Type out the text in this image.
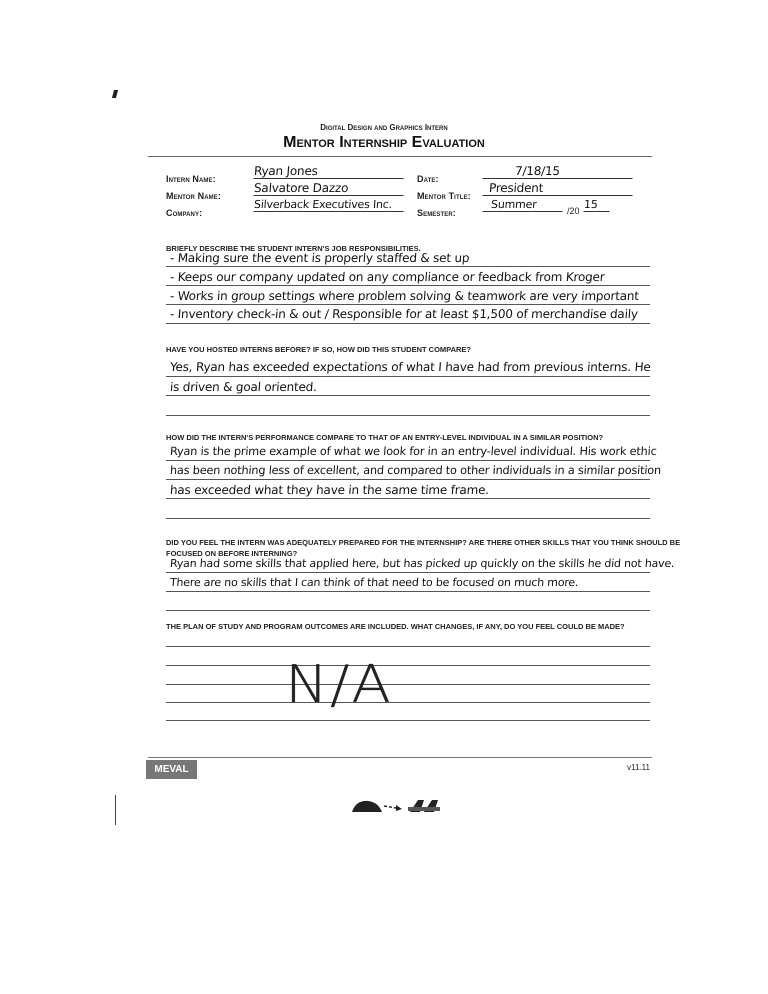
Digital Design and Graphics Intern
Mentor Internship Evaluation
Intern Name:
Ryan Jones
Date:
7/18/15
Mentor Name:
Salvatore Dazzo
Mentor Title:
President
Company:
Silverback Executives Inc.
Semester:
Summer	/20 15
BRIEFLY DESCRIBE THE STUDENT INTERN'S JOB RESPONSIBILITIES.
- Making sure the event is properly staffed & set up
- Keeps our company updated on any compliance or feedback from Kroger
- Works in group settings where problem solving & teamwork are very important
- Inventory check-in & out / Responsible for at least $1,500 of merchandise daily
HAVE YOU HOSTED INTERNS BEFORE? IF SO, HOW DID THIS STUDENT COMPARE?
Yes, Ryan has exceeded expectations of what I have had from previous interns. He
is driven & goal oriented.
HOW DID THE INTERN'S PERFORMANCE COMPARE TO THAT OF AN ENTRY-LEVEL INDIVIDUAL IN A SIMILAR POSITION?
Ryan is the prime example of what we look for in an entry-level individual. His work ethic
has been nothing less of excellent, and compared to other individuals in a similar position
has exceeded what they have in the same time frame.
DID YOU FEEL THE INTERN WAS ADEQUATELY PREPARED FOR THE INTERNSHIP? ARE THERE OTHER SKILLS THAT YOU THINK SHOULD BE
FOCUSED ON BEFORE INTERNING?
Ryan had some skills that applied here, but has picked up quickly on the skills he did not have.
There are no skills that I can think of that need to be focused on much more.
THE PLAN OF STUDY AND PROGRAM OUTCOMES ARE INCLUDED. WHAT CHANGES, IF ANY, DO YOU FEEL COULD BE MADE?
N/A
MEVAL	v11.11
